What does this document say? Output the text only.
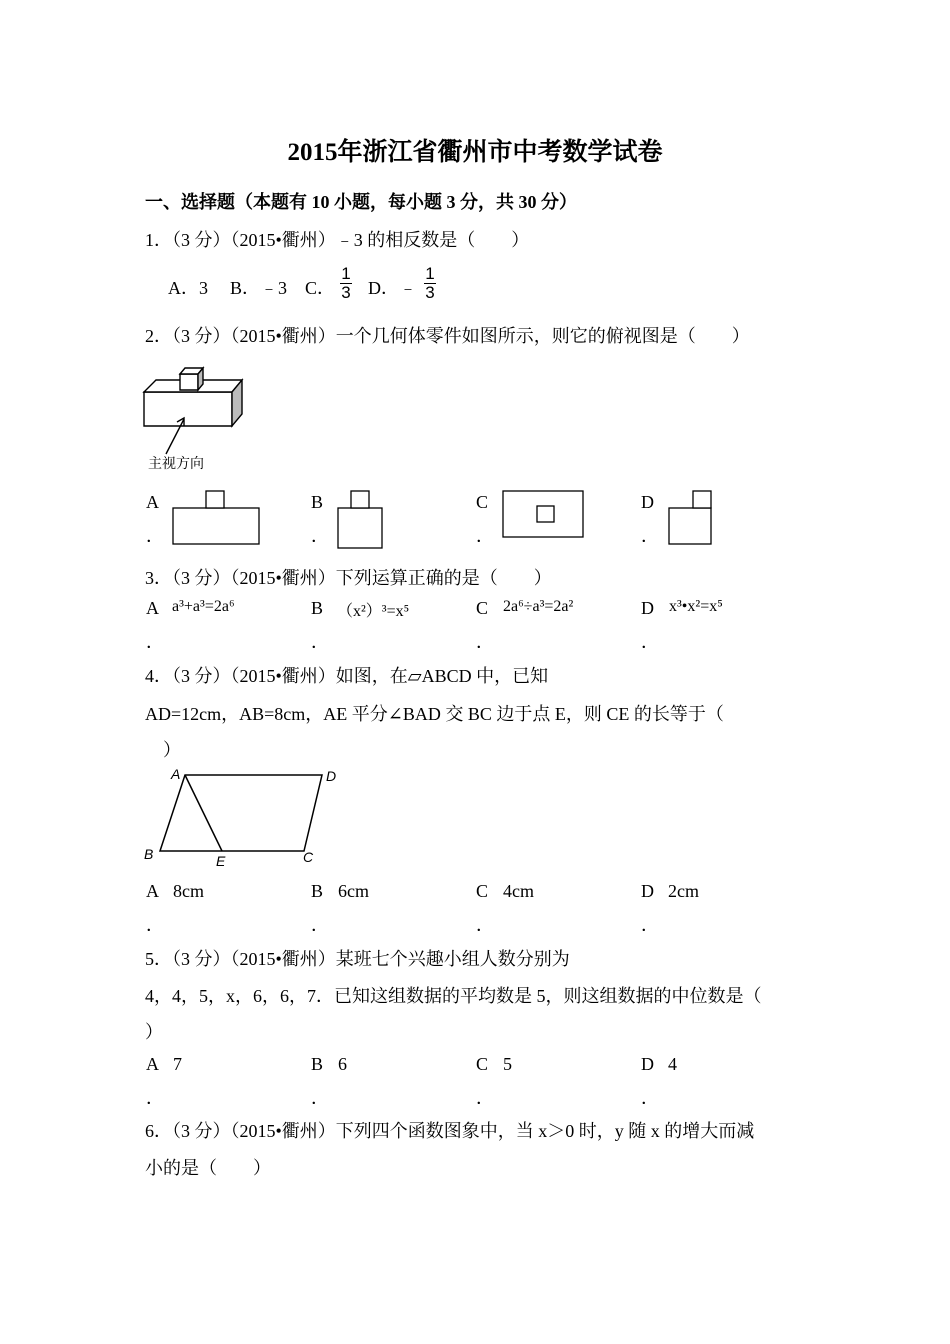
2015年浙江省衢州市中考数学试卷
一、选择题（本题有 10 小题，每小题 3 分，共 30 分）
1．（3 分）（2015•衢州）﹣3 的相反数是（　　）
A．3 B．﹣3 C．
1
3 D．﹣
1
3
2．（3 分）（2015•衢州）一个几何体零件如图所示，则它的俯视图是（　　）
主视方向
A
．
B
．
C
．
D
．
3．（3 分）（2015•衢州）下列运算正确的是（　　）
A a³+a³=2a⁶
．
B （x²）³=x⁵
．
C 2a⁶÷a³=2a²
．
D x³•x²=x⁵
．
4．（3 分）（2015•衢州）如图，在▱ABCD 中，已知
AD=12cm，AB=8cm，AE 平分∠BAD 交 BC 边于点 E，则 CE 的长等于（
）
A	D
B	E	C
A 8cm
．
B 6cm
．
C 4cm
．
D 2cm
．
5．（3 分）（2015•衢州）某班七个兴趣小组人数分别为
4，4，5，x，6，6，7．已知这组数据的平均数是 5，则这组数据的中位数是（
）
A 7
．
B 6
．
C 5
．
D 4
．
6．（3 分）（2015•衢州）下列四个函数图象中，当 x＞0 时，y 随 x 的增大而减
小的是（　　）
